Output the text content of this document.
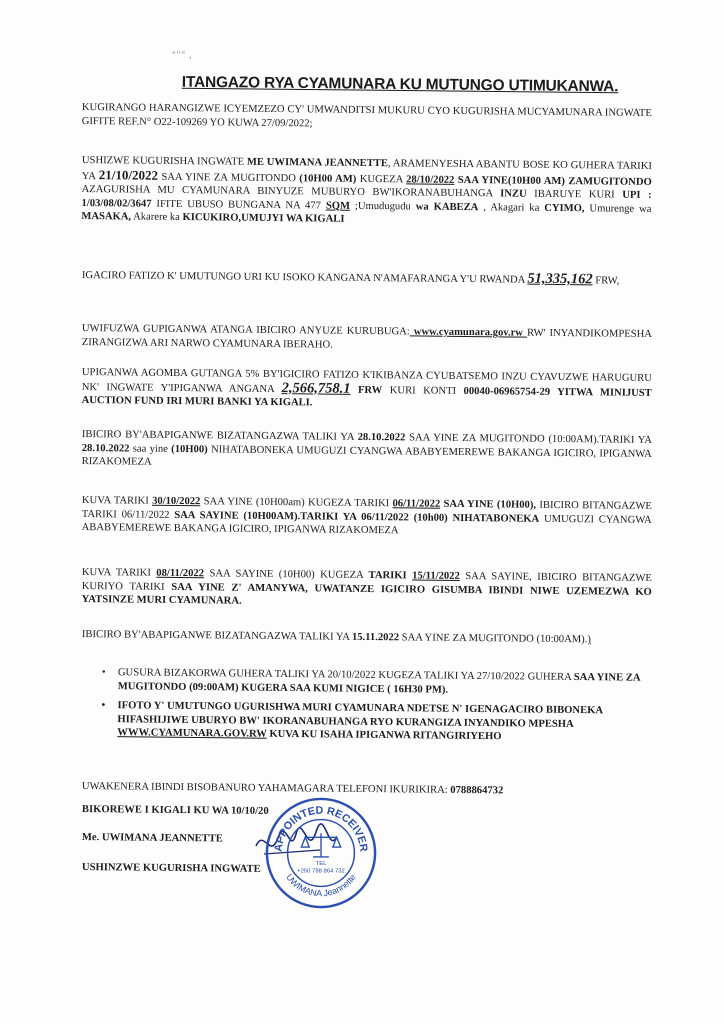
""" ,
ITANGAZO RYA CYAMUNARA KU MUTUNGO UTIMUKANWA.
KUGIRANGO HARANGIZWE ICYEMZEZO CY' UMWANDITSI MUKURU CYO KUGURISHA MUCYAMUNARA INGWATE GIFITE REF.N° O22-109269 YO KUWA 27/09/2022;
USHIZWE KUGURISHA INGWATE ME UWIMANA JEANNETTE, ARAMENYESHA ABANTU BOSE KO GUHERA TARIKI YA 21/10/2022 SAA YINE ZA MUGITONDO (10H00 AM) KUGEZA 28/10/2022 SAA YINE(10H00 AM) ZAMUGITONDO AZAGURISHA MU CYAMUNARA BINYUZE MUBURYO BW'IKORANABUHANGA INZU IBARUYE KURI UPI : 1/03/08/02/3647 IFITE UBUSO BUNGANA NA 477 SQM ;Umudugudu wa KABEZA , Akagari ka CYIMO, Umurenge wa MASAKA, Akarere ka KICUKIRO,UMUJYI WA KIGALI
IGACIRO FATIZO K' UMUTUNGO URI KU ISOKO KANGANA N'AMAFARANGA Y'U RWANDA 51,335,162 FRW,
UWIFUZWA GUPIGANWA ATANGA IBICIRO ANYUZE KURUBUGA: www.cyamunara.gov.rw RW' INYANDIKOMPESHA ZIRANGIZWA ARI NARWO CYAMUNARA IBERAHO.
UPIGANWA AGOMBA GUTANGA 5% BY'IGICIRO FATIZO K'IKIBANZA CYUBATSEMO INZU CYAVUZWE HARUGURU NK' INGWATE Y'IPIGANWA ANGANA 2,566,758.1 FRW KURI KONTI 00040-06965754-29 YITWA MINIJUST AUCTION FUND IRI MURI BANKI YA KIGALI.
IBICIRO BY'ABAPIGANWE BIZATANGAZWA TALIKI YA 28.10.2022 SAA YINE ZA MUGITONDO (10:00AM).TARIKI YA 28.10.2022 saa yine (10H00) NIHATABONEKA UMUGUZI CYANGWA ABABYEMEREWE BAKANGA IGICIRO, IPIGANWA RIZAKOMEZA
KUVA TARIKI 30/10/2022 SAA YINE (10H00am) KUGEZA TARIKI 06/11/2022 SAA YINE (10H00), IBICIRO BITANGAZWE TARIKI 06/11/2022 SAA SAYINE (10H00AM).TARIKI YA 06/11/2022 (10h00) NIHATABONEKA UMUGUZI CYANGWA ABABYEMEREWE BAKANGA IGICIRO, IPIGANWA RIZAKOMEZA
KUVA TARIKI 08/11/2022 SAA SAYINE (10H00) KUGEZA TARIKI 15/11/2022 SAA SAYINE, IBICIRO BITANGAZWE KURIYO TARIKI SAA YINE Z' AMANYWA, UWATANZE IGICIRO GISUMBA IBINDI NIWE UZEMEZWA KO YATSINZE MURI CYAMUNARA.
IBICIRO BY'ABAPIGANWE BIZATANGAZWA TALIKI YA 15.11.2022 SAA YINE ZA MUGITONDO (10:00AM).)
• GUSURA BIZAKORWA GUHERA TALIKI YA 20/10/2022 KUGEZA TALIKI YA 27/10/2022 GUHERA SAA YINE ZA MUGITONDO (09:00AM) KUGERA SAA KUMI NIGICE ( 16H30 PM).
• IFOTO Y' UMUTUNGO UGURISHWA MURI CYAMUNARA NDETSE N' IGENAGACIRO BIBONEKA HIFASHIJIWE UBURYO BW' IKORANABUHANGA RYO KURANGIZA INYANDIKO MPESHA WWW.CYAMUNARA.GOV.RW KUVA KU ISAHA IPIGANWA RITANGIRIYEHO
UWAKENERA IBINDI BISOBANURO YAHAMAGARA TELEFONI IKURIKIRA: 0788864732
BIKOREWE I KIGALI KU WA 10/10/20
Me. UWIMANA JEANNETTE
USHINZWE KUGURISHA INGWATE
APPOINTED RECEIVER
UWIMANA Jeannette
TEL
+250 788 864 732
